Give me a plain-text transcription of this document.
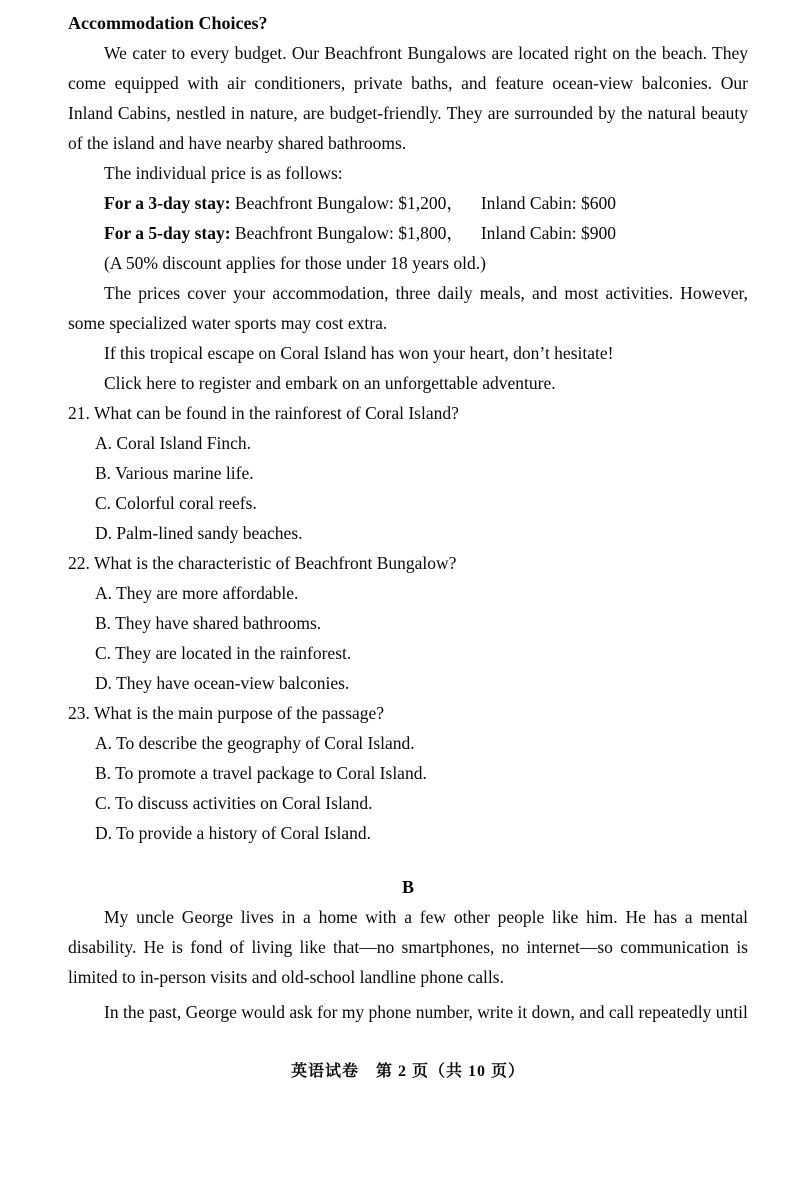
Accommodation Choices?

We cater to every budget. Our Beachfront Bungalows are located right on the beach. They come equipped with air conditioners, private baths, and feature ocean-view balconies. Our Inland Cabins, nestled in nature, are budget-friendly. They are surrounded by the natural beauty of the island and have nearby shared bathrooms.

The individual price is as follows:

For a 3-day stay: Beachfront Bungalow: $1,200， Inland Cabin: $600

For a 5-day stay: Beachfront Bungalow: $1,800， Inland Cabin: $900

(A 50% discount applies for those under 18 years old.)

The prices cover your accommodation, three daily meals, and most activities. However, some specialized water sports may cost extra.

If this tropical escape on Coral Island has won your heart, don’t hesitate!

Click here to register and embark on an unforgettable adventure.

21. What can be found in the rainforest of Coral Island?

A. Coral Island Finch.

B. Various marine life.

C. Colorful coral reefs.

D. Palm-lined sandy beaches.

22. What is the characteristic of Beachfront Bungalow?

A. They are more affordable.

B. They have shared bathrooms.

C. They are located in the rainforest.

D. They have ocean-view balconies.

23. What is the main purpose of the passage?

A. To describe the geography of Coral Island.

B. To promote a travel package to Coral Island.

C. To discuss activities on Coral Island.

D. To provide a history of Coral Island.

B

My uncle George lives in a home with a few other people like him. He has a mental disability. He is fond of living like that—no smartphones, no internet—so communication is limited to in-person visits and old-school landline phone calls.

In the past, George would ask for my phone number, write it down, and call repeatedly until

英语试卷　第 2 页（共 10 页）
